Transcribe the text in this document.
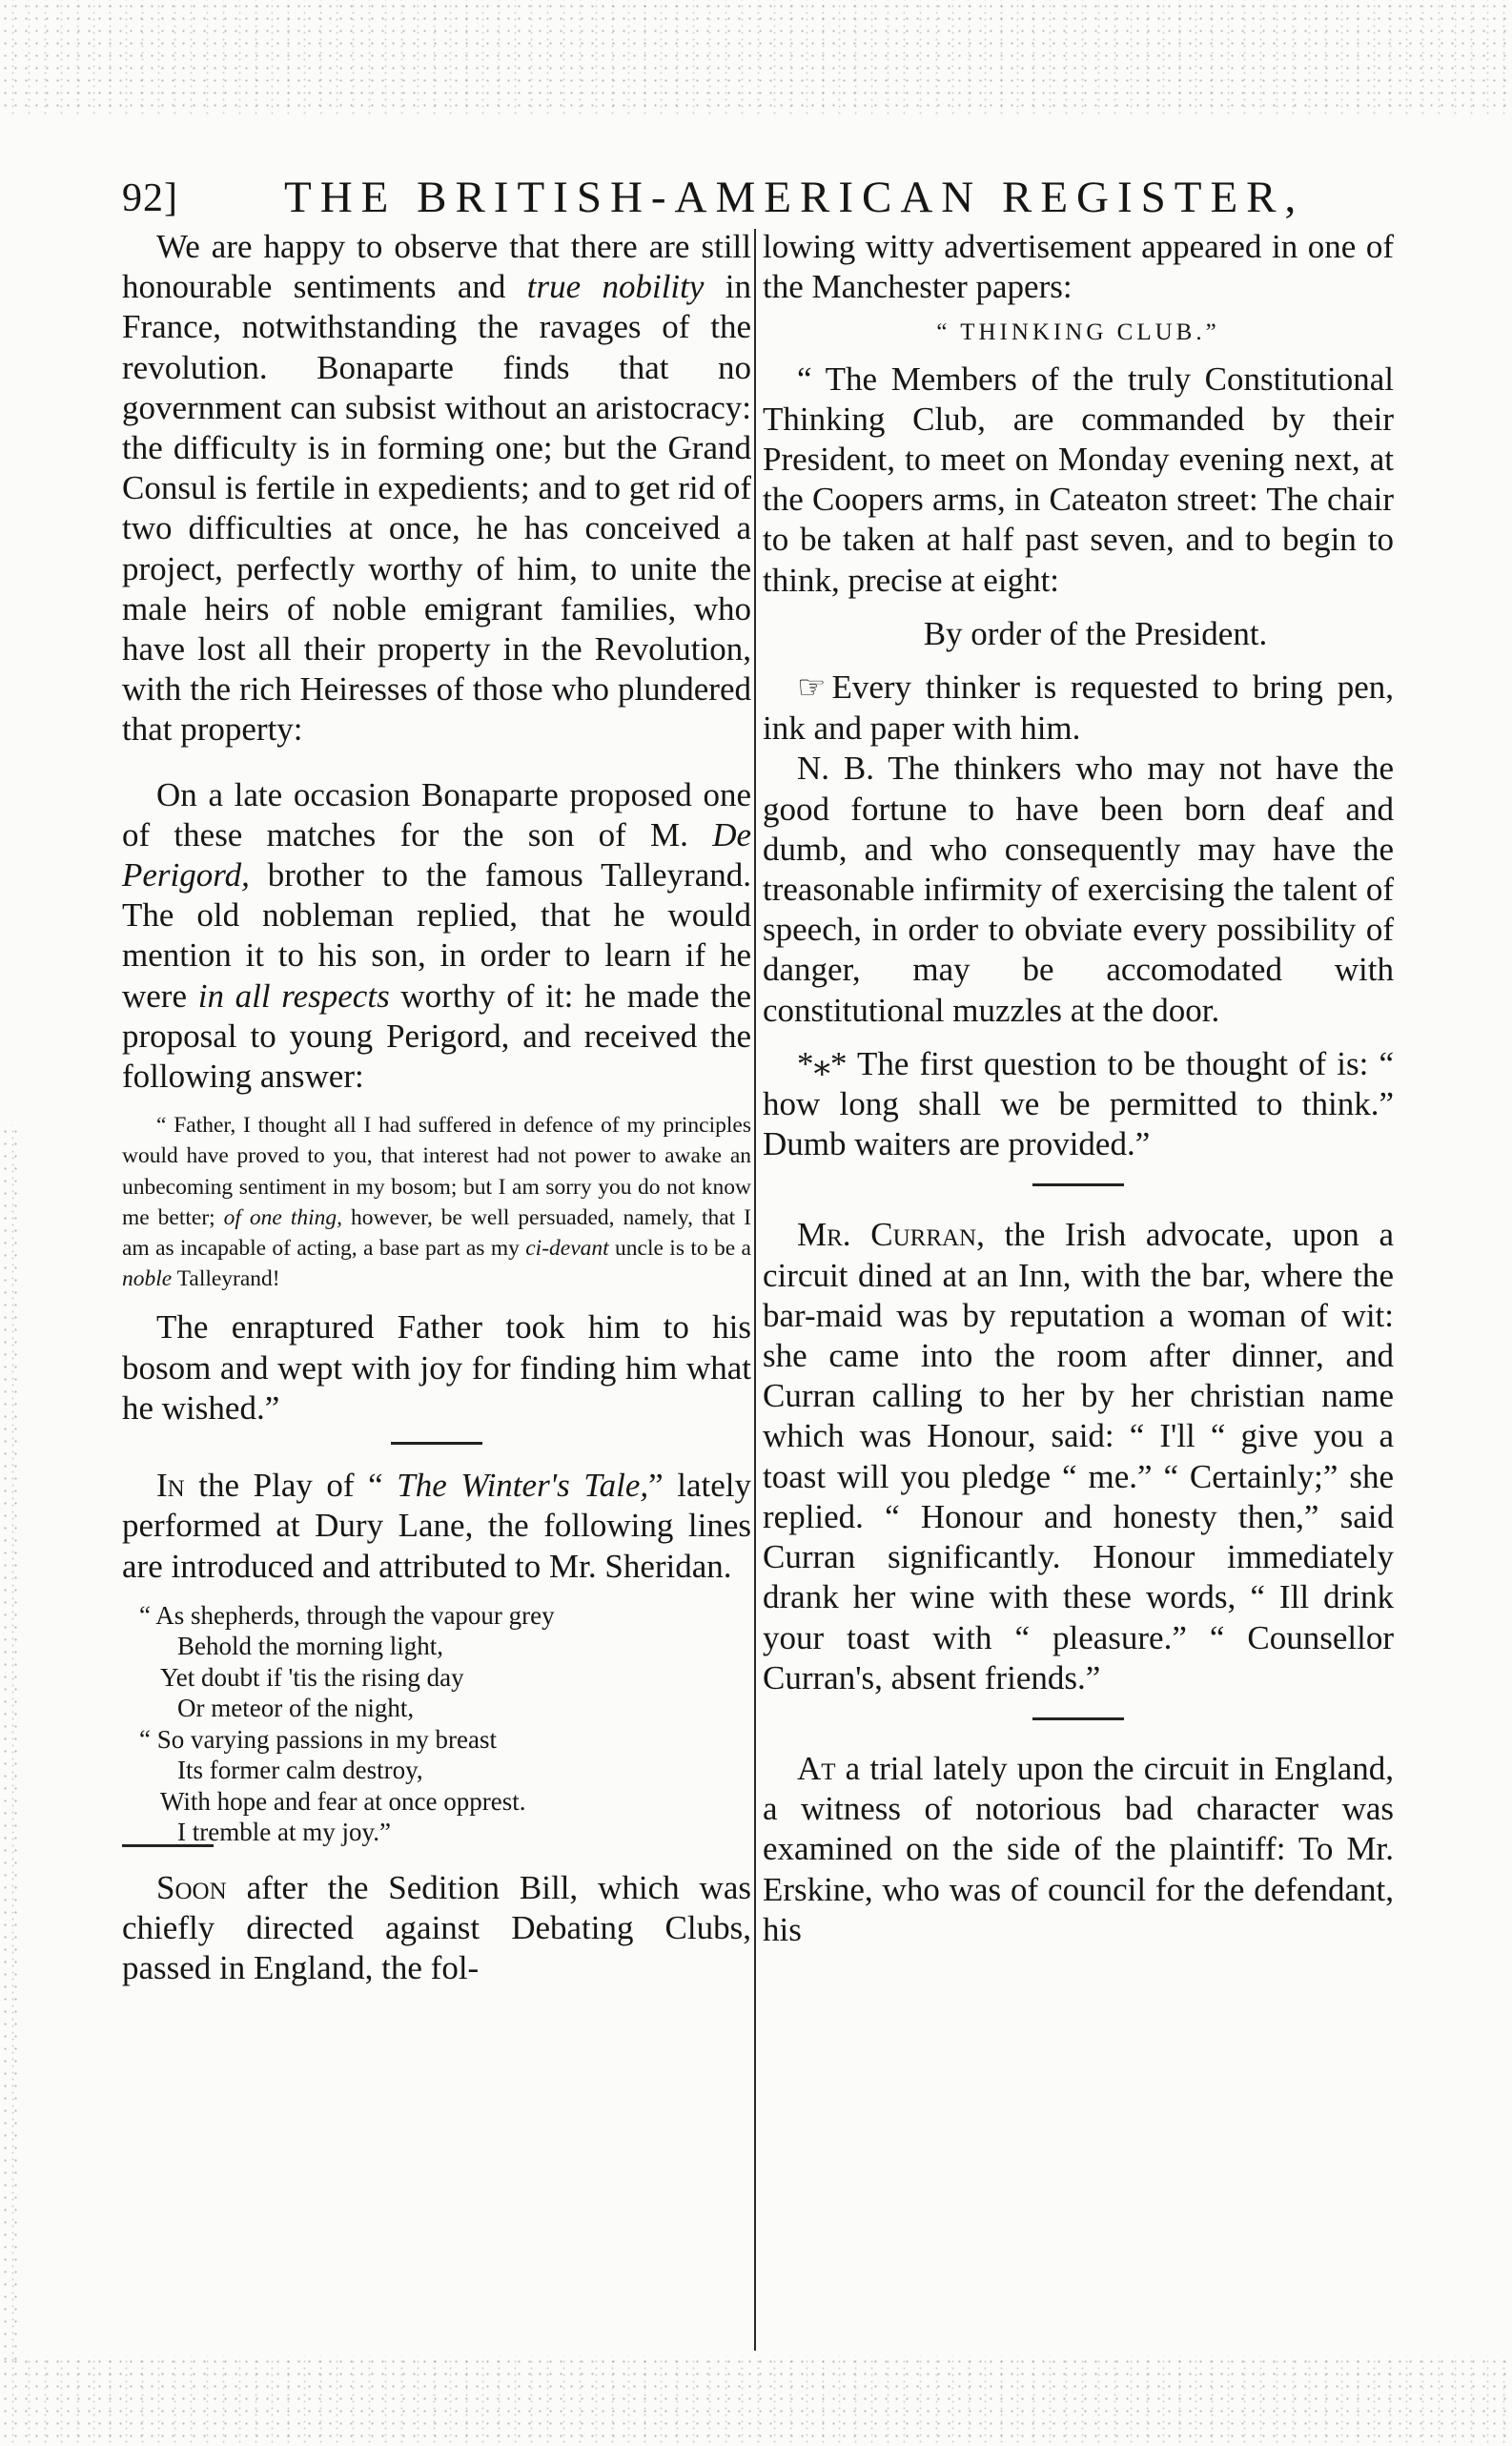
92] THE BRITISH-AMERICAN REGISTER,

We are happy to observe that there are still honourable sentiments and true nobility in France, notwithstanding the ravages of the revolution. Bonaparte finds that no government can subsist without an aristocracy: the difficulty is in forming one; but the Grand Consul is fertile in expedients; and to get rid of two difficulties at once, he has conceived a project, perfectly worthy of him, to unite the male heirs of noble emigrant families, who have lost all their property in the Revolution, with the rich Heiresses of those who plundered that property:

On a late occasion Bonaparte proposed one of these matches for the son of M. De Perigord, brother to the famous Talleyrand. The old nobleman replied, that he would mention it to his son, in order to learn if he were in all respects worthy of it: he made the proposal to young Perigord, and received the following answer:

“ Father, I thought all I had suffered in defence of my principles would have proved to you, that interest had not power to awake an unbecoming sentiment in my bosom; but I am sorry you do not know me better; of one thing, however, be well persuaded, namely, that I am as incapable of acting, a base part as my ci-devant uncle is to be a noble Talleyrand!

The enraptured Father took him to his bosom and wept with joy for finding him what he wished.”

In the Play of “ The Winter's Tale,” lately performed at Dury Lane, the following lines are introduced and attributed to Mr. Sheridan.

“ As shepherds, through the vapour grey
Behold the morning light,
Yet doubt if 'tis the rising day
Or meteor of the night,
“ So varying passions in my breast
Its former calm destroy,
With hope and fear at once opprest.
I tremble at my joy.”

Soon after the Sedition Bill, which was chiefly directed against Debating Clubs, passed in England, the fol-

lowing witty advertisement appeared in one of the Manchester papers:

“ THINKING CLUB.”

“ The Members of the truly Constitutional Thinking Club, are commanded by their President, to meet on Monday evening next, at the Coopers arms, in Cateaton street: The chair to be taken at half past seven, and to begin to think, precise at eight:

By order of the President.

☞ Every thinker is requested to bring pen, ink and paper with him.

N. B. The thinkers who may not have the good fortune to have been born deaf and dumb, and who consequently may have the treasonable infirmity of exercising the talent of speech, in order to obviate every possibility of danger, may be accomodated with constitutional muzzles at the door.

*⁎* The first question to be thought of is: “ how long shall we be permitted to think.” Dumb waiters are provided.”

Mr. Curran, the Irish advocate, upon a circuit dined at an Inn, with the bar, where the bar-maid was by reputation a woman of wit: she came into the room after dinner, and Curran calling to her by her christian name which was Honour, said: “ I'll “ give you a toast will you pledge “ me.” “ Certainly;” she replied. “ Honour and honesty then,” said Curran significantly. Honour immediately drank her wine with these words, “ Ill drink your toast with “ pleasure.” “ Counsellor Curran's, absent friends.”

At a trial lately upon the circuit in England, a witness of notorious bad character was examined on the side of the plaintiff: To Mr. Erskine, who was of council for the defendant, his
